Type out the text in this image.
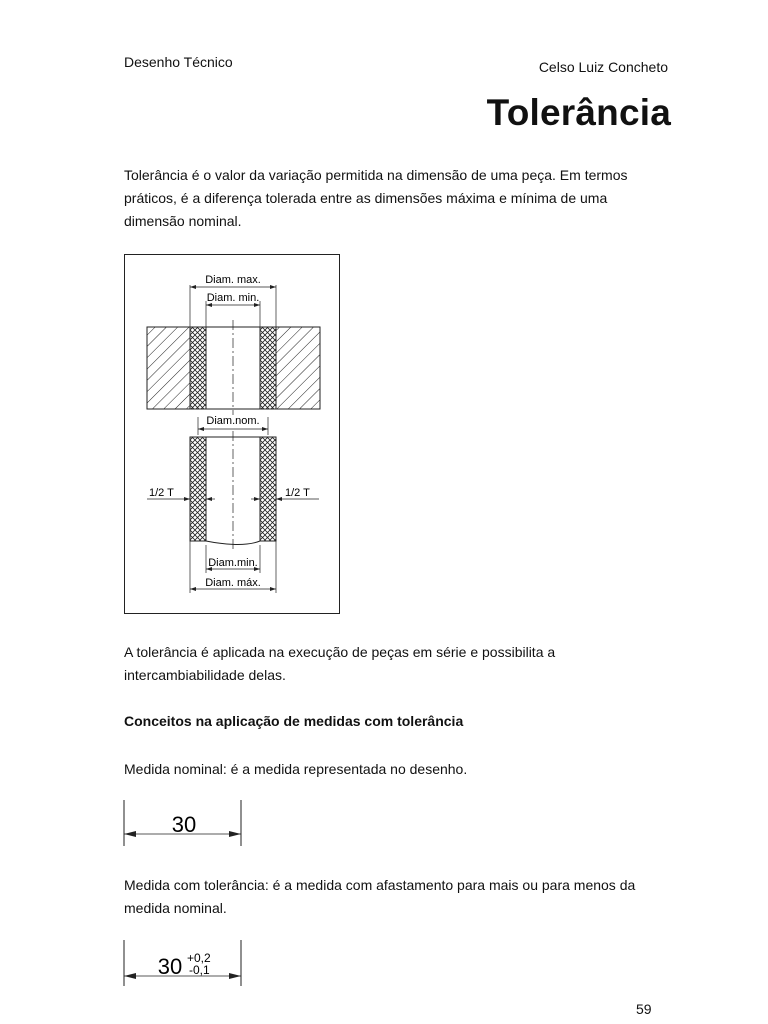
Desenho Técnico	Celso Luiz Concheto
Tolerância
Tolerância é o valor da variação permitida na dimensão de uma peça. Em termos
práticos, é a diferença tolerada entre as dimensões máxima e mínima de uma
dimensão nominal.
Diam. max.
Diam. min.
Diam.nom.
1/2 T	1/2 T
Diam.min.
Diam. máx.
A tolerância é aplicada na execução de peças em série e possibilita a
intercambiabilidade delas.
Conceitos na aplicação de medidas com tolerância
Medida nominal: é a medida representada no desenho.
30
Medida com tolerância: é a medida com afastamento para mais ou para menos da
medida nominal.
30 +0,2
-0,1
59
